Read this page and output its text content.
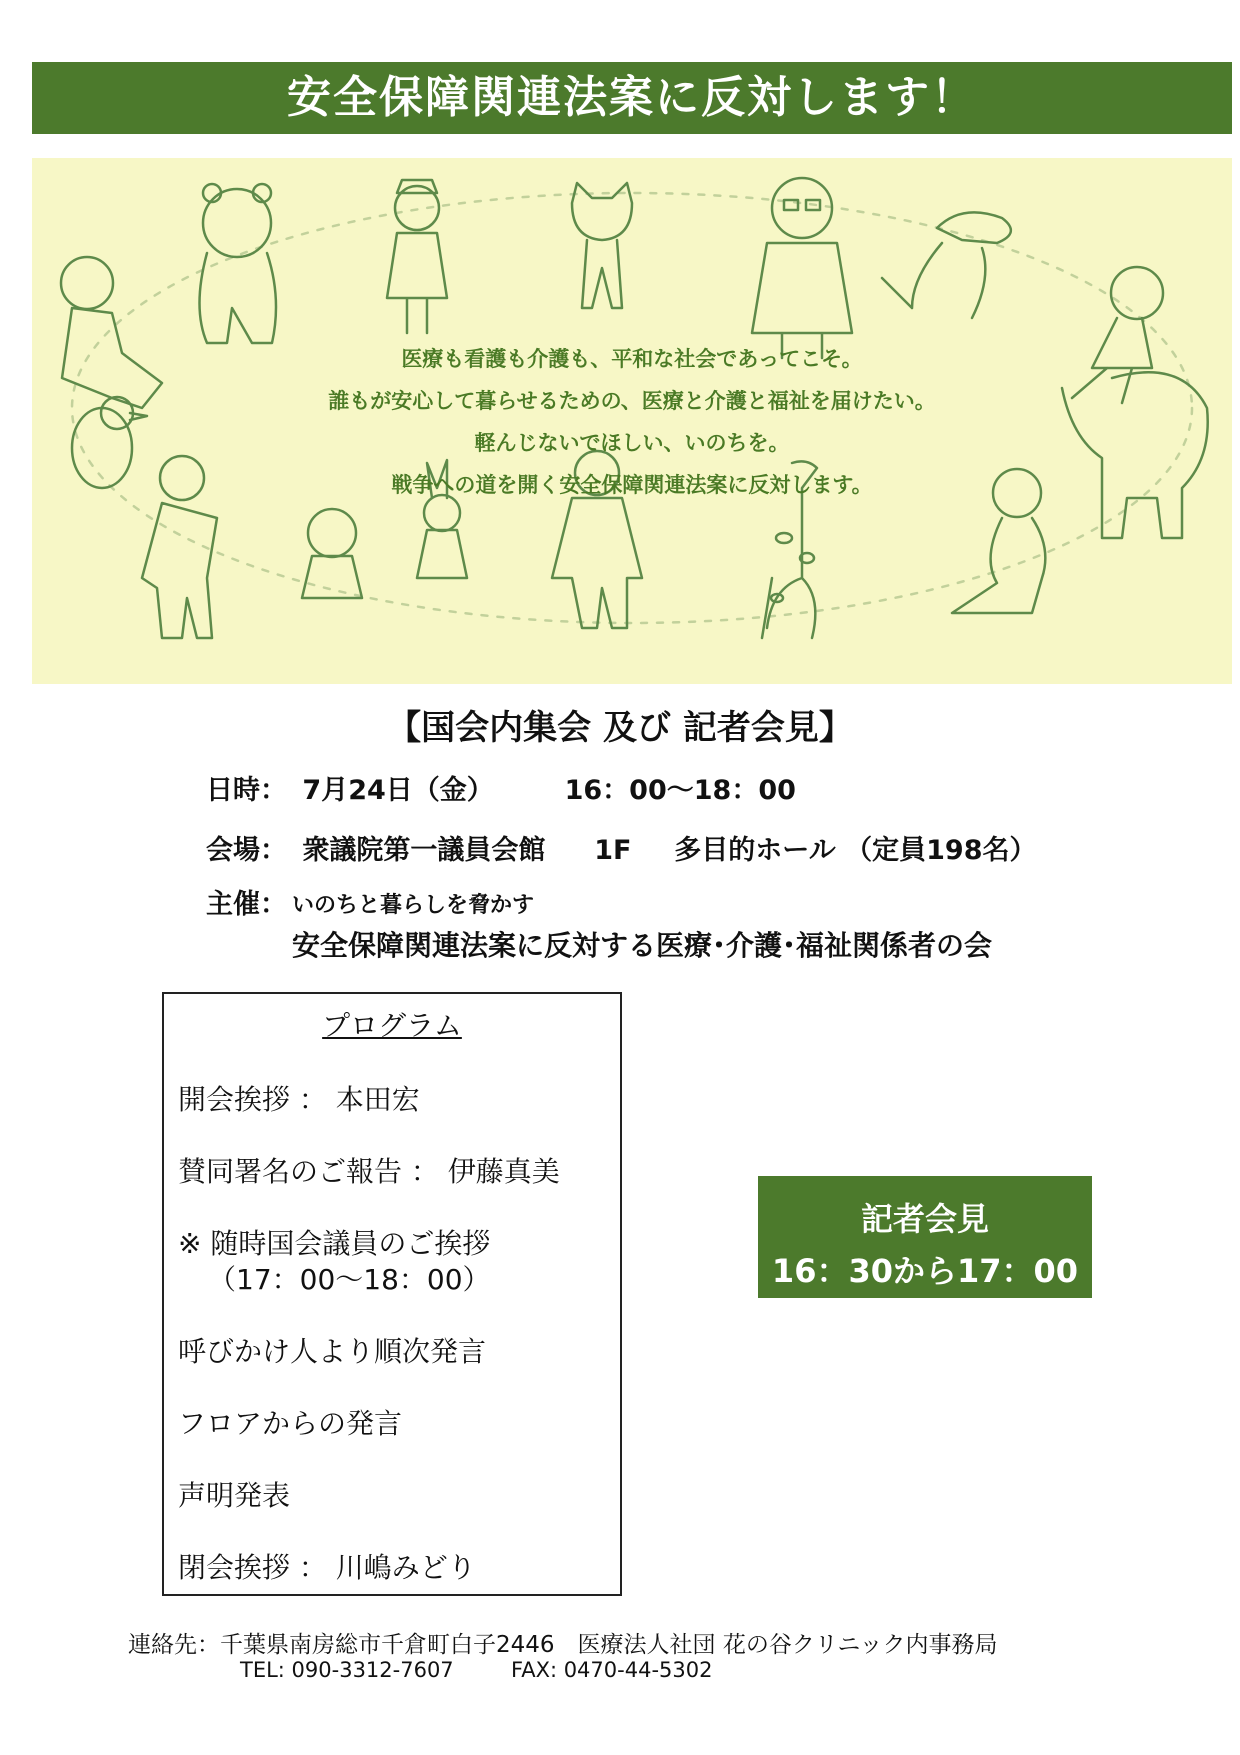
安全保障関連法案に反対します！
医療も看護も介護も、平和な社会であってこそ。
誰もが安心して暮らせるための、医療と介護と福祉を届けたい。
軽んじないでほしい、いのちを。
戦争への道を開く安全保障関連法案に反対します。
【国会内集会 及び 記者会見】
日時： 7月24日（金）	16：00～18：00
会場： 衆議院第一議員会館 1F 多目的ホール （定員198名）
主催： いのちと暮らしを脅かす
安全保障関連法案に反対する医療･介護･福祉関係者の会
プログラム
開会挨拶 ： 本田宏
賛同署名のご報告 ： 伊藤真美
※ 随時国会議員のご挨拶
（17：00～18：00）
呼びかけ人より順次発言
フロアからの発言
声明発表
閉会挨拶 ： 川嶋みどり
記者会見
16：30から17：00
連絡先：千葉県南房総市千倉町白子2446　医療法人社団 花の谷クリニック内事務局
TEL: 090-3312-7607	FAX: 0470-44-5302
